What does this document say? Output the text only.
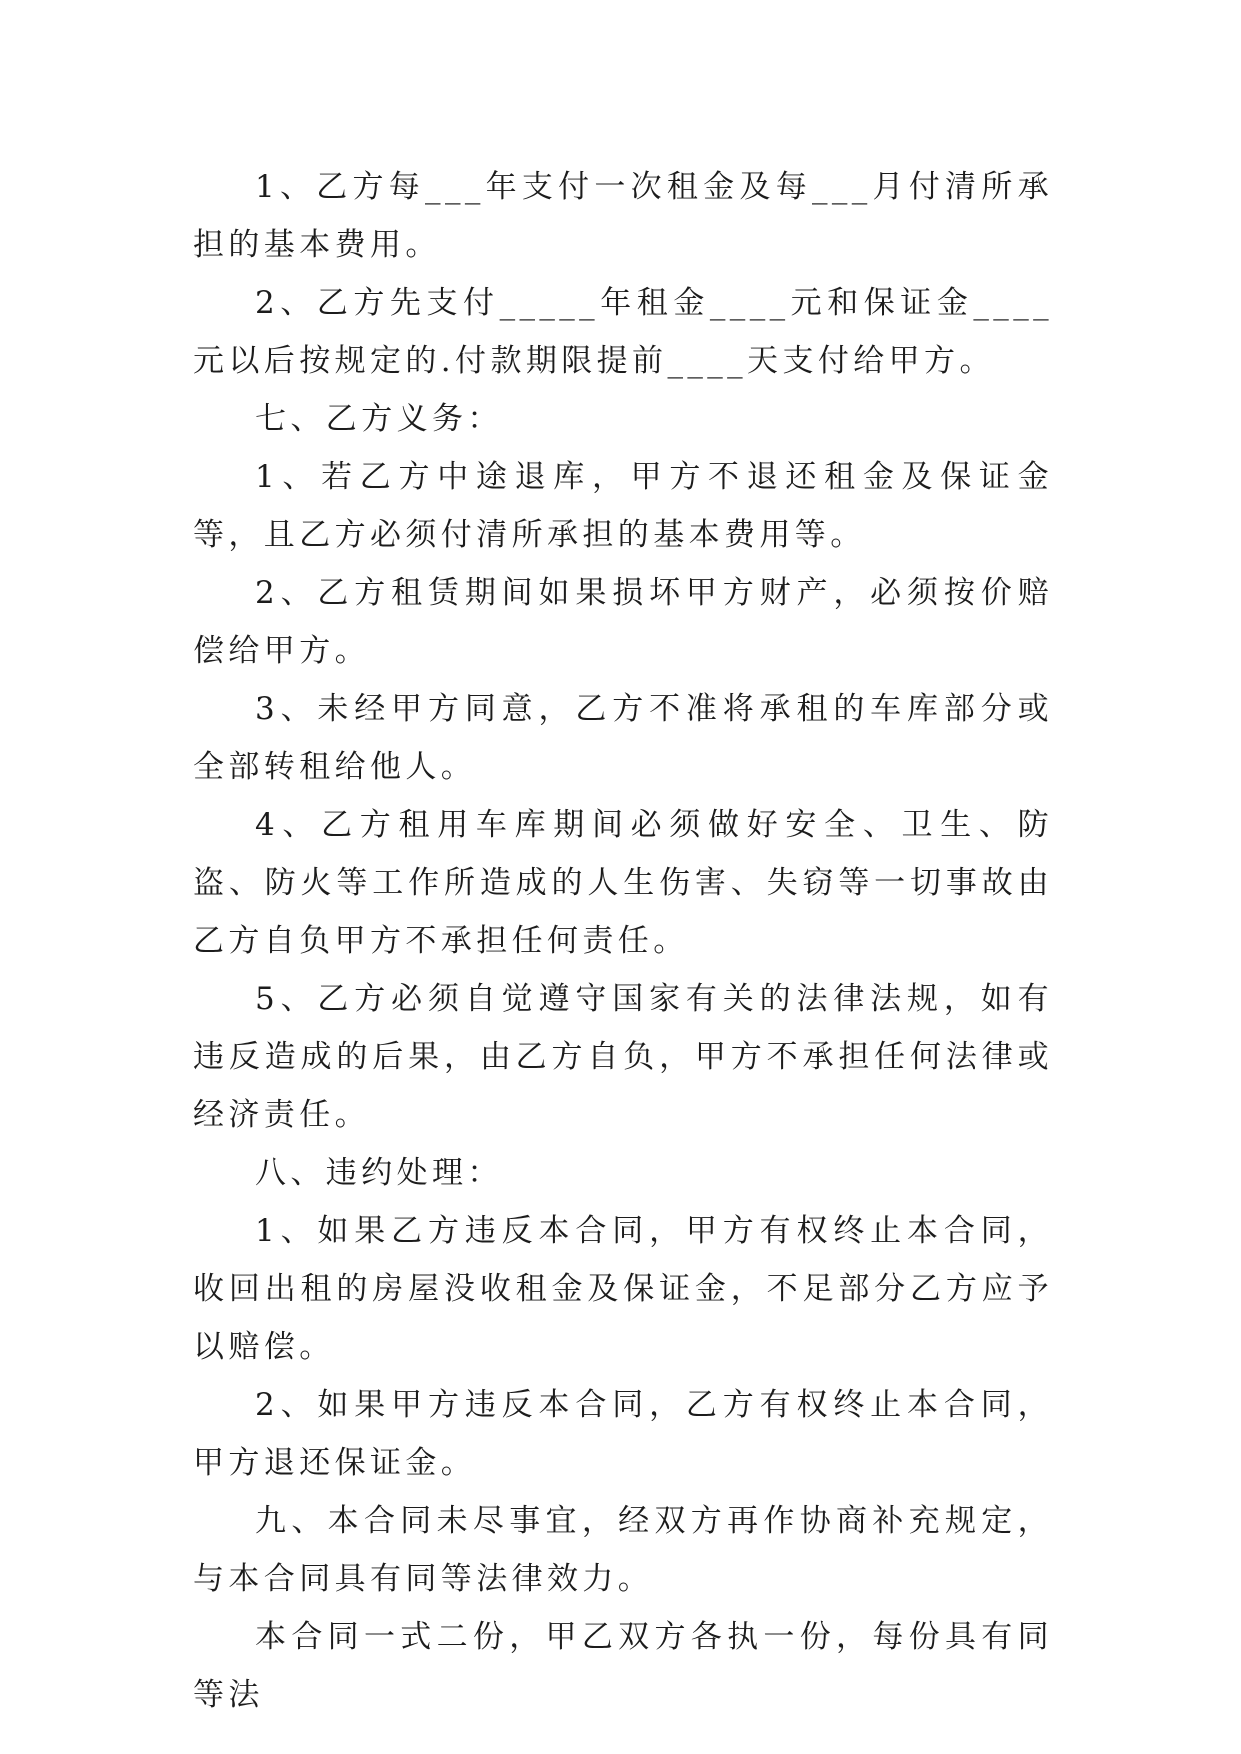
1、乙方每___年支付一次租金及每___月付清所承担的基本费用。

2、乙方先支付_____年租金____元和保证金____元以后按规定的.付款期限提前____天支付给甲方。

七、乙方义务：

1、若乙方中途退库，甲方不退还租金及保证金等，且乙方必须付清所承担的基本费用等。

2、乙方租赁期间如果损坏甲方财产，必须按价赔偿给甲方。

3、未经甲方同意，乙方不准将承租的车库部分或全部转租给他人。

4、乙方租用车库期间必须做好安全、卫生、防盗、防火等工作所造成的人生伤害、失窃等一切事故由乙方自负甲方不承担任何责任。

5、乙方必须自觉遵守国家有关的法律法规，如有违反造成的后果，由乙方自负，甲方不承担任何法律或经济责任。

八、违约处理：

1、如果乙方违反本合同，甲方有权终止本合同，收回出租的房屋没收租金及保证金，不足部分乙方应予以赔偿。

2、如果甲方违反本合同，乙方有权终止本合同，甲方退还保证金。

九、本合同未尽事宜，经双方再作协商补充规定，与本合同具有同等法律效力。

本合同一式二份，甲乙双方各执一份，每份具有同等法
